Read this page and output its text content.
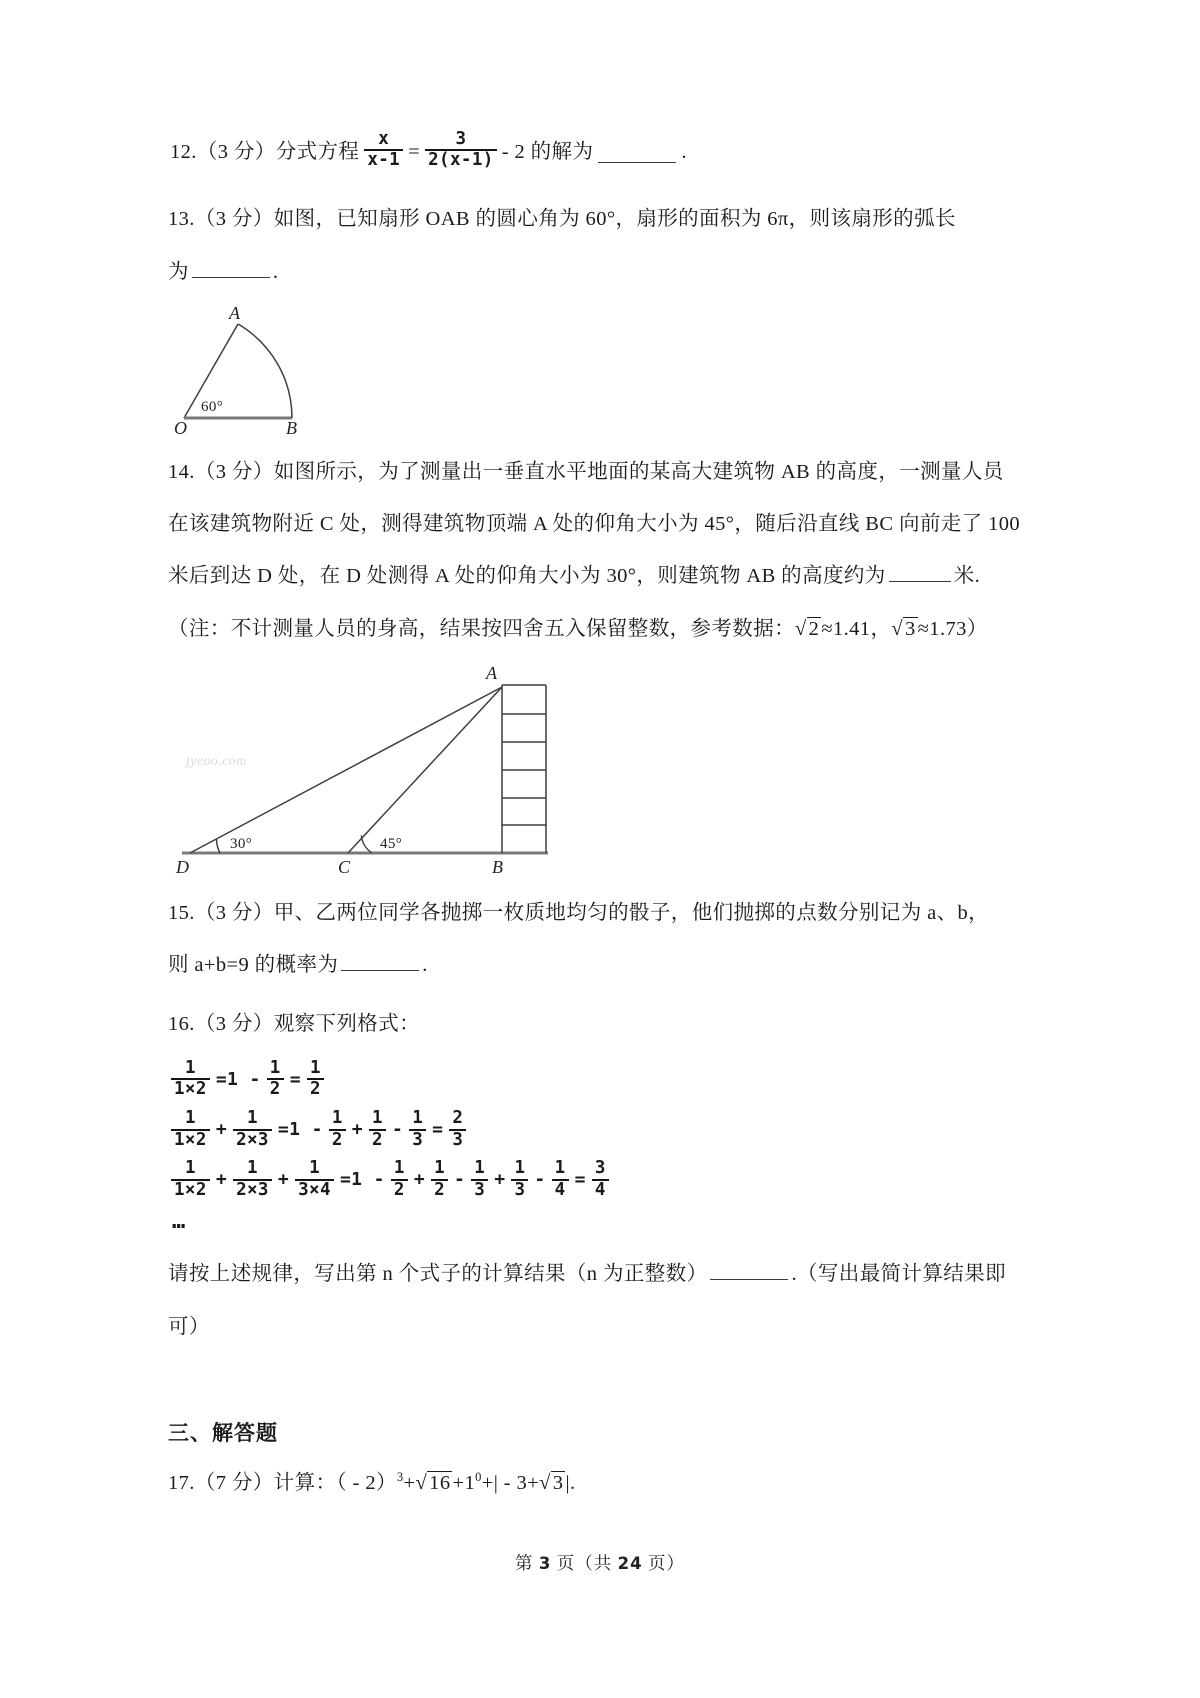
12.（3 分）分式方程 $\frac{x}{x-1} = \frac{3}{2(x-1)} - 2$ 的解为	.
13.（3 分）如图，已知扇形 OAB 的圆心角为 60°，扇形的面积为 6π，则该扇形的弧长
为	.
A
O	B
60°
14.（3 分）如图所示，为了测量出一垂直水平地面的某高大建筑物 AB 的高度，一测量人员
在该建筑物附近 C 处，测得建筑物顶端 A 处的仰角大小为 45°，随后沿直线 BC 向前走了 100
米后到达 D 处，在 D 处测得 A 处的仰角大小为 30°，则建筑物 AB 的高度约为	米.
（注：不计测量人员的身高，结果按四舍五入保留整数，参考数据：√2≈1.41，√3≈1.73）
jyeoo.com
A
D	C	B
30°	45°
15.（3 分）甲、乙两位同学各抛掷一枚质地均匀的骰子，他们抛掷的点数分别记为 a、b，
则 a+b=9 的概率为	.
16.（3 分）观察下列格式：
$\frac{1}{1\times 2} =1 - \frac{1}{2} = \frac{1}{2}$
$\frac{1}{1\times 2} + \frac{1}{2\times 3} =1 - \frac{1}{2} + \frac{1}{2} - \frac{1}{3} = \frac{2}{3}$
$\frac{1}{1\times 2} + \frac{1}{2\times 3} + \frac{1}{3\times 4} =1 - \frac{1}{2} + \frac{1}{2} - \frac{1}{3} + \frac{1}{3} - \frac{1}{4} = \frac{3}{4}$
…
请按上述规律，写出第 n 个式子的计算结果（n 为正整数）	.（写出最简计算结果即
可）
三、解答题
17.（7 分）计算：（ - $2)^3+√16+1^0+| - 3+√3|$.
第 3 页（共 24 页）
